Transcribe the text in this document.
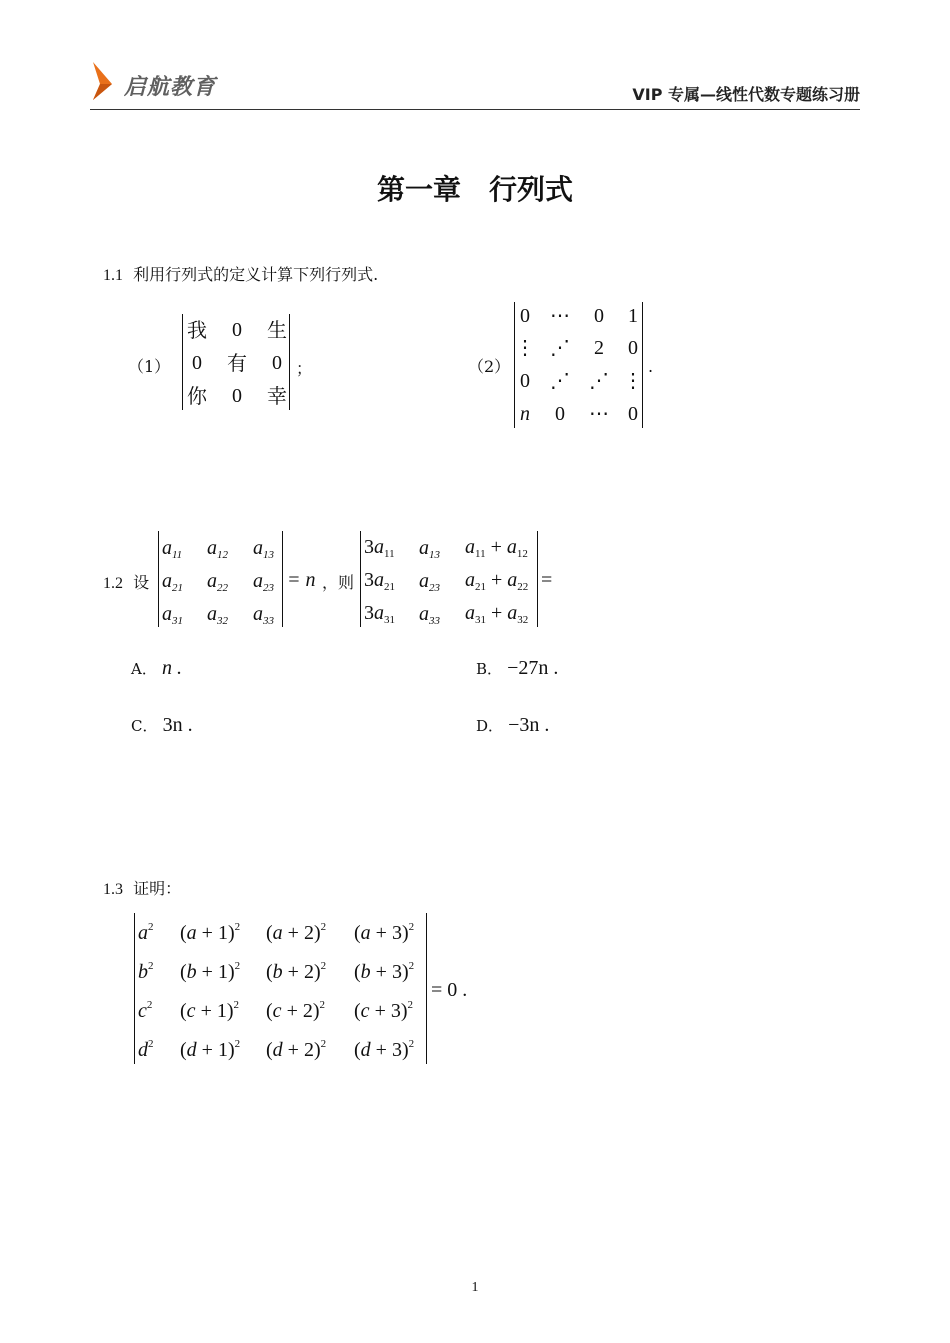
启航教育	VIP 专属—线性代数专题练习册
第一章　行列式
1.1 利用行列式的定义计算下列行列式.
（1）
我	0	生
0	有	0
你	0	幸
；	（2）
0	⋯	0	1
⋮ ⋰	2	0
0	⋰ ⋰ ⋮
n	0	⋯ 0
.
1.2 设
$a_{11}$ $a_{12}$ $a_{13}$
$a_{21}$ $a_{22}$ $a_{23}$
$a_{31}$ $a_{32}$ $a_{33}$
= n ，则
$3a_{11}$ $a_{13}$ $a_{11} + a_{12}$
$3a_{21}$ $a_{23}$ $a_{21} + a_{22}$
$3a_{31}$ $a_{33}$ $a_{31} + a_{32}$
=
A． n .	B． −27n .
C． 3n .	D． −3n .
1.3 证明：
$a^2$ $(a + 1)^2$ $(a + 2)^2$ $(a + 3)^2$
$b^2$ $(b + 1)^2$ $(b + 2)^2$ $(b + 3)^2$
$c^2$ $(c + 1)^2$ $(c + 2)^2$ $(c + 3)^2$
$d^2$ $(d + 1)^2$ $(d + 2)^2$ $(d + 3)^2$
= 0 .
1
